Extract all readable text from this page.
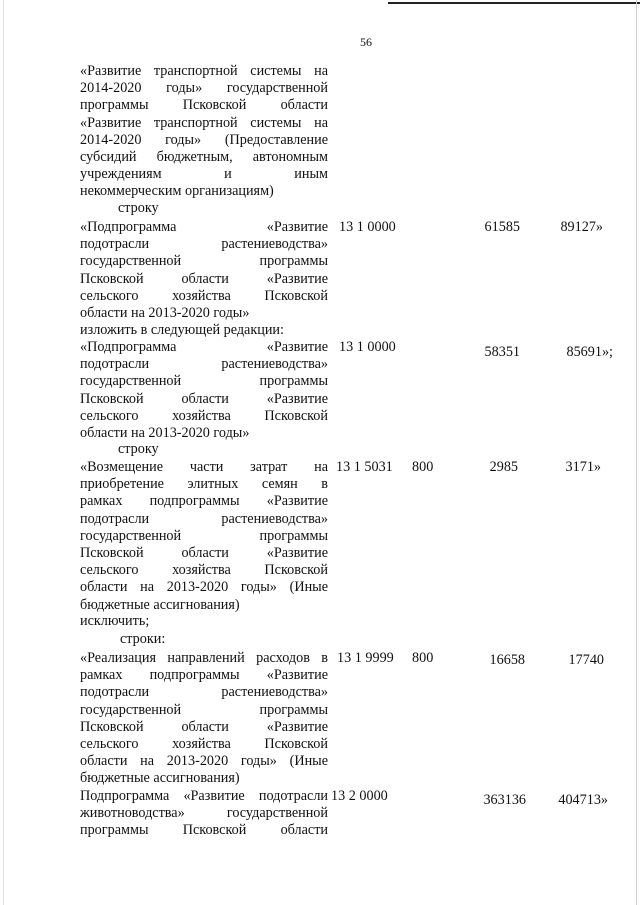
56
«Развитие транспортной системы на
2014-2020 годы» государственной
программы Псковской области
«Развитие транспортной системы на
2014-2020 годы» (Предоставление
субсидий бюджетным, автономным
учреждениям и иным
некоммерческим организациям)
строку
«Подпрограмма «Развитие
подотрасли растениеводства»
государственной программы
Псковской области «Развитие
сельского хозяйства Псковской
области на 2013-2020 годы»
13 1 0000	61585	89127»
изложить в следующей редакции:
«Подпрограмма «Развитие
подотрасли растениеводства»
государственной программы
Псковской области «Развитие
сельского хозяйства Псковской
области на 2013-2020 годы»
13 1 0000	58351	85691»;
строку
«Возмещение части затрат на
приобретение элитных семян в
рамках подпрограммы «Развитие
подотрасли растениеводства»
государственной программы
Псковской области «Развитие
сельского хозяйства Псковской
области на 2013-2020 годы» (Иные
бюджетные ассигнования)
13 1 5031 800	2985	3171»
исключить;
строки:
«Реализация направлений расходов в
рамках подпрограммы «Развитие
подотрасли растениеводства»
государственной программы
Псковской области «Развитие
сельского хозяйства Псковской
области на 2013-2020 годы» (Иные
бюджетные ассигнования)
13 1 9999 800	16658	17740
Подпрограмма «Развитие подотрасли
животноводства» государственной
программы Псковской области
13 2 0000	363136	404713»
